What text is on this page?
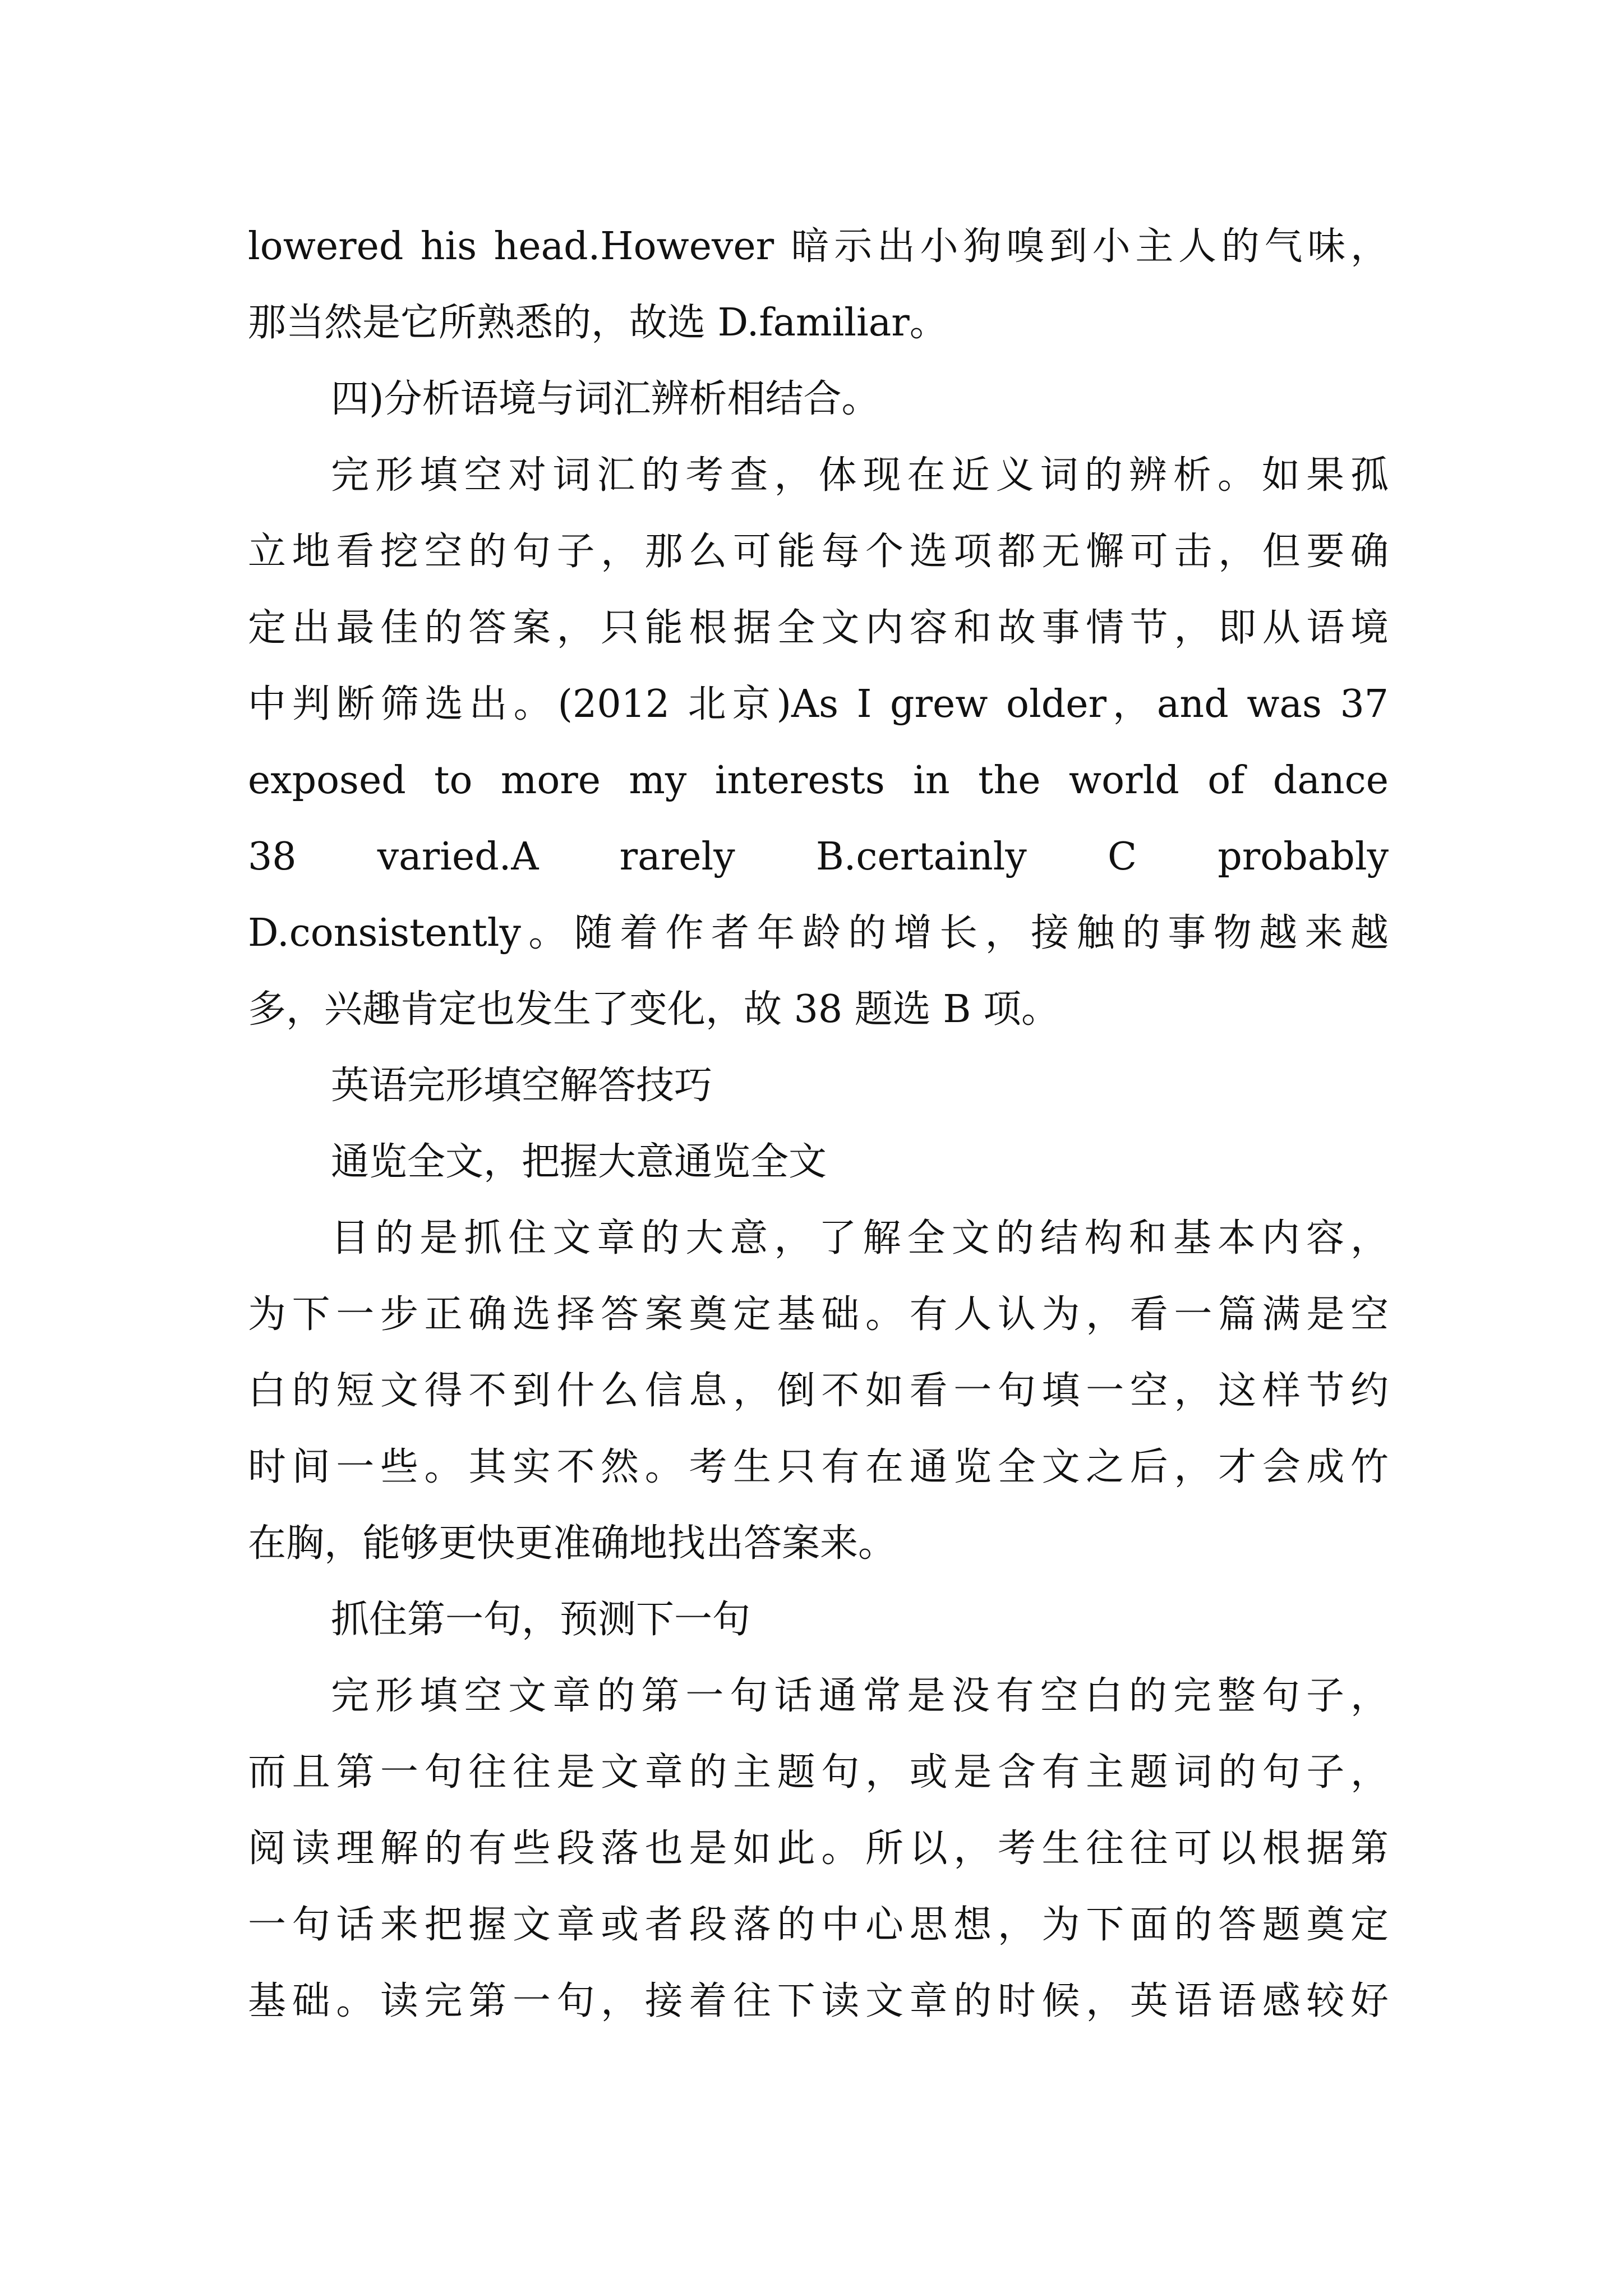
lowered his head.However 暗示出小狗嗅到小主人的气味，
那当然是它所熟悉的，故选 D.familiar。
四)分析语境与词汇辨析相结合。
完形填空对词汇的考查，体现在近义词的辨析。如果孤
立地看挖空的句子，那么可能每个选项都无懈可击，但要确
定出最佳的答案，只能根据全文内容和故事情节，即从语境
中判断筛选出。(2012 北京)As I grew older，and was 37
exposed to more my interests in the world of dance
38 varied.A rarely B.certainly C probably
D.consistently。随着作者年龄的增长，接触的事物越来越
多，兴趣肯定也发生了变化，故 38 题选 B 项。
英语完形填空解答技巧
通览全文，把握大意通览全文
目的是抓住文章的大意，了解全文的结构和基本内容，
为下一步正确选择答案奠定基础。有人认为，看一篇满是空
白的短文得不到什么信息，倒不如看一句填一空，这样节约
时间一些。其实不然。考生只有在通览全文之后，才会成竹
在胸，能够更快更准确地找出答案来。
抓住第一句，预测下一句
完形填空文章的第一句话通常是没有空白的完整句子，
而且第一句往往是文章的主题句，或是含有主题词的句子，
阅读理解的有些段落也是如此。所以，考生往往可以根据第
一句话来把握文章或者段落的中心思想，为下面的答题奠定
基础。读完第一句，接着往下读文章的时候，英语语感较好
